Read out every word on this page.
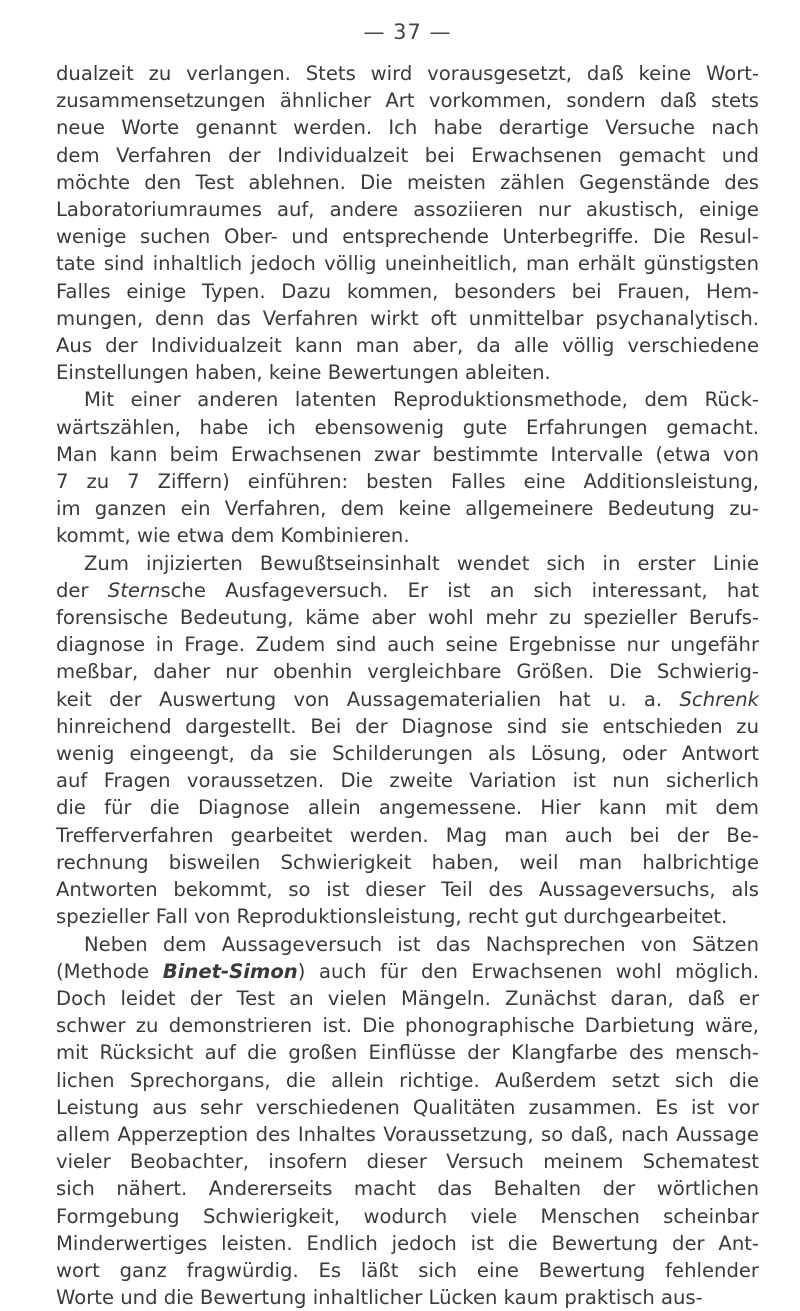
— 37 —

dualzeit zu verlangen. Stets wird vorausgesetzt, daß keine Wort-

zusammensetzungen ähnlicher Art vorkommen, sondern daß stets

neue Worte genannt werden. Ich habe derartige Versuche nach

dem Verfahren der Individualzeit bei Erwachsenen gemacht und

möchte den Test ablehnen. Die meisten zählen Gegenstände des

Laboratoriumraumes auf, andere assoziieren nur akustisch, einige

wenige suchen Ober- und entsprechende Unterbegriffe. Die Resul-

tate sind inhaltlich jedoch völlig uneinheitlich, man erhält günstigsten

Falles einige Typen. Dazu kommen, besonders bei Frauen, Hem-

mungen, denn das Verfahren wirkt oft unmittelbar psychanalytisch.

Aus der Individualzeit kann man aber, da alle völlig verschiedene

Einstellungen haben, keine Bewertungen ableiten.

Mit einer anderen latenten Reproduktionsmethode, dem Rück-

wärtszählen, habe ich ebensowenig gute Erfahrungen gemacht.

Man kann beim Erwachsenen zwar bestimmte Intervalle (etwa von

7 zu 7 Ziffern) einführen: besten Falles eine Additionsleistung,

im ganzen ein Verfahren, dem keine allgemeinere Bedeutung zu-

kommt, wie etwa dem Kombinieren.

Zum injizierten Bewußtseinsinhalt wendet sich in erster Linie

der Sternsche Ausfageversuch. Er ist an sich interessant, hat

forensische Bedeutung, käme aber wohl mehr zu spezieller Berufs-

diagnose in Frage. Zudem sind auch seine Ergebnisse nur ungefähr

meßbar, daher nur obenhin vergleichbare Größen. Die Schwierig-

keit der Auswertung von Aussagematerialien hat u. a. Schrenk

hinreichend dargestellt. Bei der Diagnose sind sie entschieden zu

wenig eingeengt, da sie Schilderungen als Lösung, oder Antwort

auf Fragen voraussetzen. Die zweite Variation ist nun sicherlich

die für die Diagnose allein angemessene. Hier kann mit dem

Trefferverfahren gearbeitet werden. Mag man auch bei der Be-

rechnung bisweilen Schwierigkeit haben, weil man halbrichtige

Antworten bekommt, so ist dieser Teil des Aussageversuchs, als

spezieller Fall von Reproduktionsleistung, recht gut durchgearbeitet.

Neben dem Aussageversuch ist das Nachsprechen von Sätzen

(Methode Binet-Simon) auch für den Erwachsenen wohl möglich.

Doch leidet der Test an vielen Mängeln. Zunächst daran, daß er

schwer zu demonstrieren ist. Die phonographische Darbietung wäre,

mit Rücksicht auf die großen Einflüsse der Klangfarbe des mensch-

lichen Sprechorgans, die allein richtige. Außerdem setzt sich die

Leistung aus sehr verschiedenen Qualitäten zusammen. Es ist vor

allem Apperzeption des Inhaltes Voraussetzung, so daß, nach Aussage

vieler Beobachter, insofern dieser Versuch meinem Schematest

sich nähert. Andererseits macht das Behalten der wörtlichen

Formgebung Schwierigkeit, wodurch viele Menschen scheinbar

Minderwertiges leisten. Endlich jedoch ist die Bewertung der Ant-

wort ganz fragwürdig. Es läßt sich eine Bewertung fehlender

Worte und die Bewertung inhaltlicher Lücken kaum praktisch aus-
